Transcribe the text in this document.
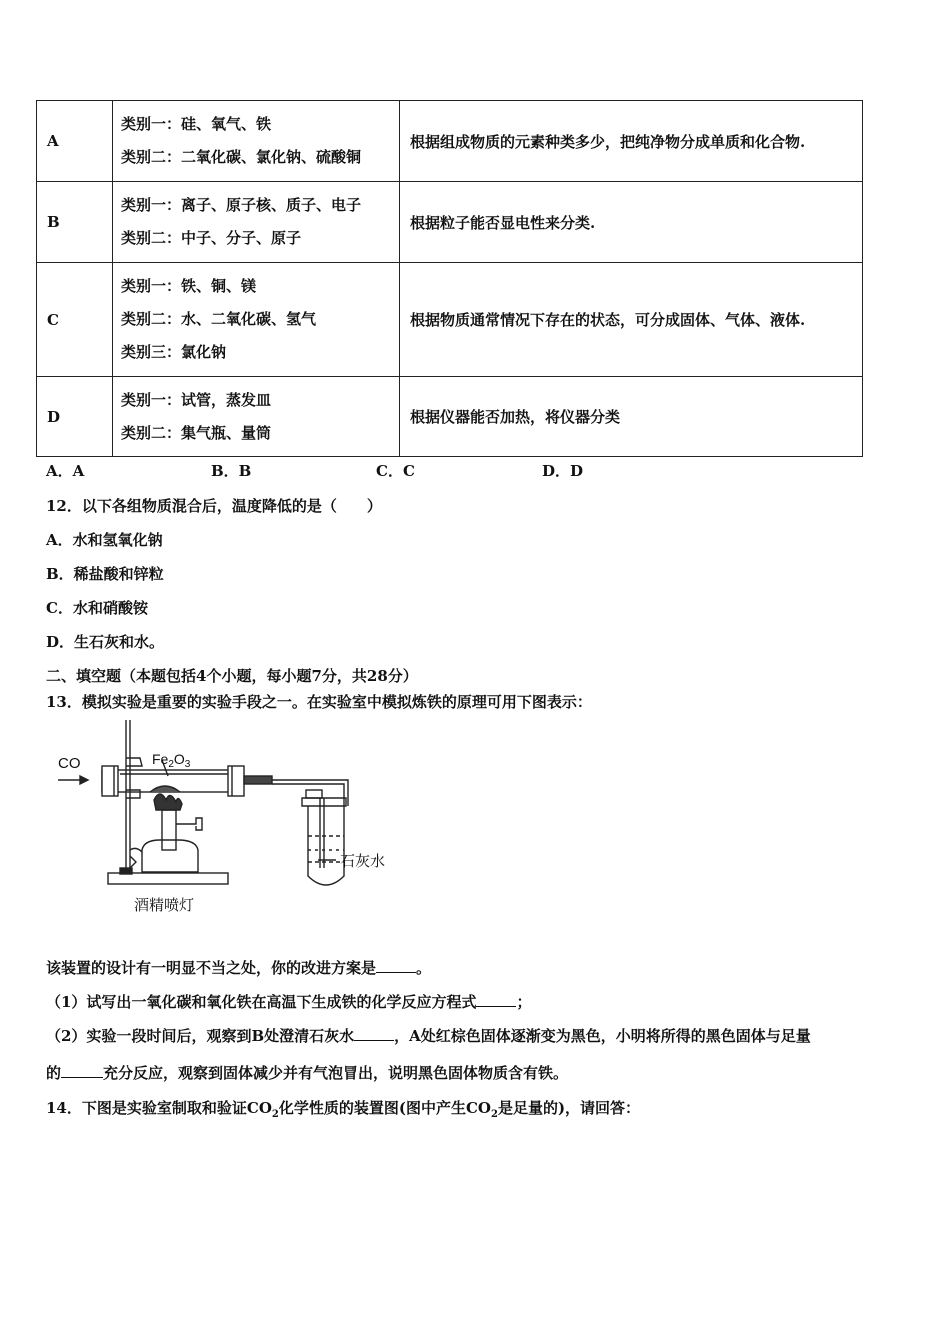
A	类别一：硅、氧气、铁
类别二：二氧化碳、氯化钠、硫酸铜	根据组成物质的元素种类多少，把纯净物分成单质和化合物.
B	类别一：离子、原子核、质子、电子
类别二：中子、分子、原子	根据粒子能否显电性来分类.
C	类别一：铁、铜、镁
类别二：水、二氧化碳、氢气
类别三：氯化钠	根据物质通常情况下存在的状态，可分成固体、气体、液体.
D	类别一：试管，蒸发皿
类别二：集气瓶、量筒	根据仪器能否加热，将仪器分类
A．A	B．B	C．C	D．D
12．以下各组物质混合后，温度降低的是（　　）
A．水和氢氧化钠
B．稀盐酸和锌粒
C．水和硝酸铵
D．生石灰和水。
二、填空题（本题包括4个小题，每小题7分，共28分）
13．模拟实验是重要的实验手段之一。在实验室中模拟炼铁的原理可用下图表示：
CO	$Fe_2O_3$
石灰水
酒精喷灯
该装置的设计有一明显不当之处，你的改进方案是	。
（1）试写出一氧化碳和氧化铁在高温下生成铁的化学反应方程式	；
（2）实验一段时间后，观察到B处澄清石灰水	，A处红棕色固体逐渐变为黑色，小明将所得的黑色固体与足量
的	充分反应，观察到固体减少并有气泡冒出，说明黑色固体物质含有铁。
14．下图是实验室制取和验证$CO_2$化学性质的装置图(图中产生$CO_2$是足量的)，请回答：
